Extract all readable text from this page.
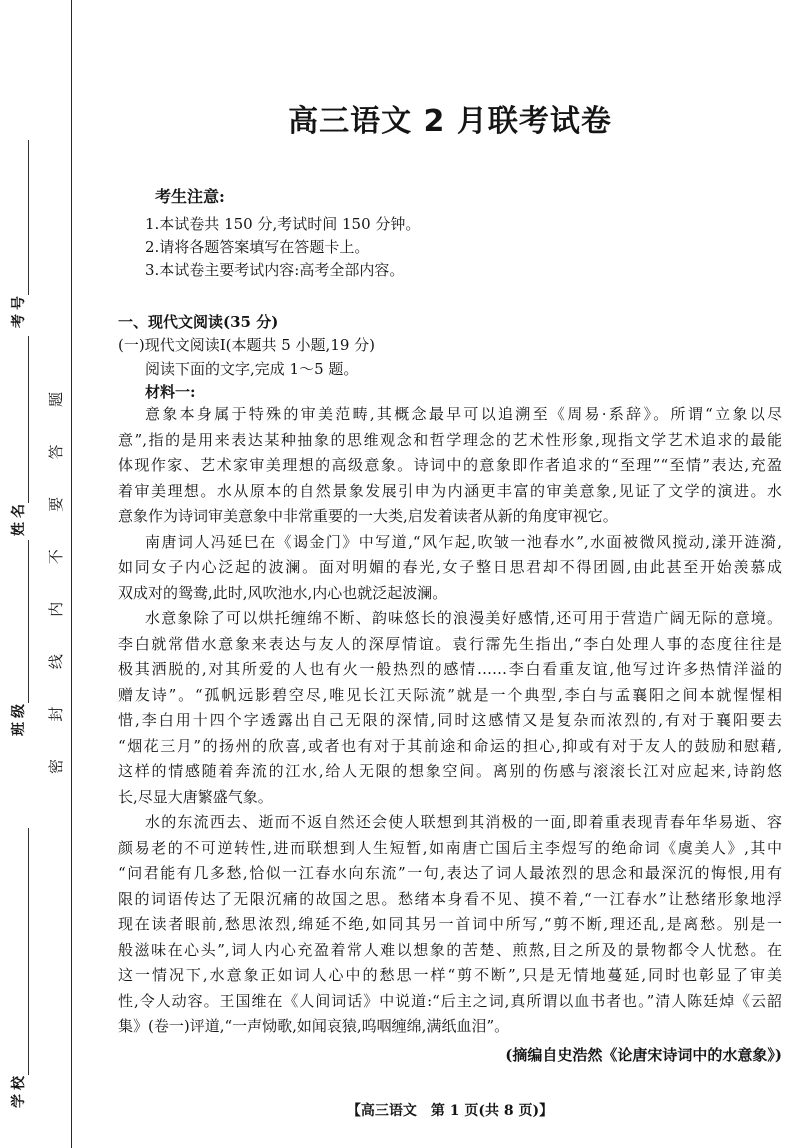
考号
姓名
班级
学校
密封线内不要答题
高三语文 2 月联考试卷
考生注意:
1.本试卷共 150 分,考试时间 150 分钟。
2.请将各题答案填写在答题卡上。
3.本试卷主要考试内容:高考全部内容。
一、现代文阅读(35 分)
(一)现代文阅读Ⅰ(本题共 5 小题,19 分)
阅读下面的文字,完成 1～5 题。
材料一:
意象本身属于特殊的审美范畴,其概念最早可以追溯至《周易·系辞》。所谓“立象以尽
意”,指的是用来表达某种抽象的思维观念和哲学理念的艺术性形象,现指文学艺术追求的最能
体现作家、艺术家审美理想的高级意象。诗词中的意象即作者追求的“至理”“至情”表达,充盈
着审美理想。水从原本的自然景象发展引申为内涵更丰富的审美意象,见证了文学的演进。水
意象作为诗词审美意象中非常重要的一大类,启发着读者从新的角度审视它。
南唐词人冯延巳在《谒金门》中写道,“风乍起,吹皱一池春水”,水面被微风搅动,漾开涟漪,
如同女子内心泛起的波澜。面对明媚的春光,女子整日思君却不得团圆,由此甚至开始羡慕成
双成对的鸳鸯,此时,风吹池水,内心也就泛起波澜。
水意象除了可以烘托缠绵不断、韵味悠长的浪漫美好感情,还可用于营造广阔无际的意境。
李白就常借水意象来表达与友人的深厚情谊。袁行霈先生指出,“李白处理人事的态度往往是
极其洒脱的,对其所爱的人也有火一般热烈的感情……李白看重友谊,他写过许多热情洋溢的
赠友诗”。“孤帆远影碧空尽,唯见长江天际流”就是一个典型,李白与孟襄阳之间本就惺惺相
惜,李白用十四个字透露出自己无限的深情,同时这感情又是复杂而浓烈的,有对于襄阳要去
“烟花三月”的扬州的欣喜,或者也有对于其前途和命运的担心,抑或有对于友人的鼓励和慰藉,
这样的情感随着奔流的江水,给人无限的想象空间。离别的伤感与滚滚长江对应起来,诗韵悠
长,尽显大唐繁盛气象。
水的东流西去、逝而不返自然还会使人联想到其消极的一面,即着重表现青春年华易逝、容
颜易老的不可逆转性,进而联想到人生短暂,如南唐亡国后主李煜写的绝命词《虞美人》,其中
“问君能有几多愁,恰似一江春水向东流”一句,表达了词人最浓烈的思念和最深沉的悔恨,用有
限的词语传达了无限沉痛的故国之思。愁绪本身看不见、摸不着,“一江春水”让愁绪形象地浮
现在读者眼前,愁思浓烈,绵延不绝,如同其另一首词中所写,“剪不断,理还乱,是离愁。别是一
般滋味在心头”,词人内心充盈着常人难以想象的苦楚、煎熬,目之所及的景物都令人忧愁。在
这一情况下,水意象正如词人心中的愁思一样“剪不断”,只是无情地蔓延,同时也彰显了审美
性,令人动容。王国维在《人间词话》中说道:“后主之词,真所谓以血书者也。”清人陈廷焯《云韶
集》(卷一)评道,“一声恸歌,如闻哀猿,呜咽缠绵,满纸血泪”。
(摘编自史浩然《论唐宋诗词中的水意象》)
【高三语文　第 1 页(共 8 页)】
